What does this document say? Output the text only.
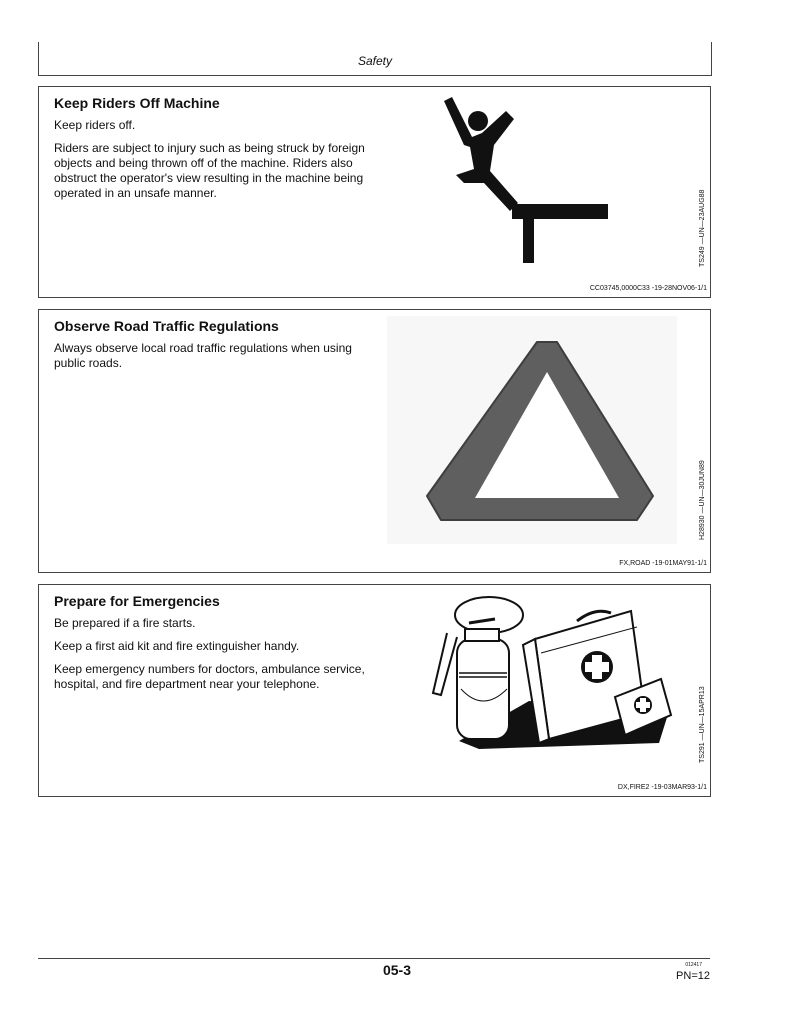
Safety
Keep Riders Off Machine

Keep riders off.

Riders are subject to injury such as being struck by foreign objects and being thrown off of the machine. Riders also obstruct the operator's view resulting in the machine being operated in an unsafe manner.	TS249 —UN—23AUG88
CC03745,0000C33 -19-28NOV06-1/1
Observe Road Traffic Regulations

Always observe local road traffic regulations when using public roads.

H28930 —UN—30JUN89
FX,ROAD -19-01MAY91-1/1
Prepare for Emergencies

Be prepared if a fire starts.

Keep a first aid kit and fire extinguisher handy.

Keep emergency numbers for doctors, ambulance service, hospital, and fire department near your telephone.

TS291 —UN—15APR13
DX,FIRE2 -19-03MAR93-1/1
05-3	012417
PN=12
